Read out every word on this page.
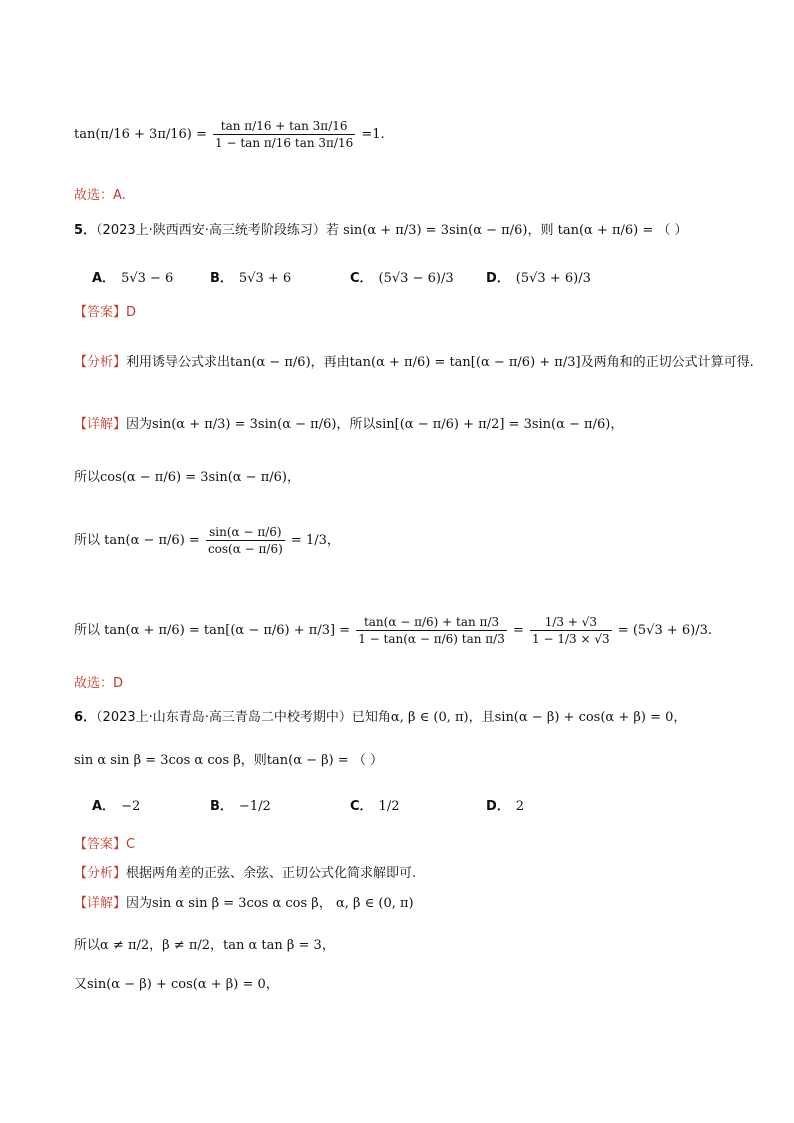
$\tan(\pi/16 + 3\pi/16) = \frac{\text{tan π/16 + tan 3π/16}}{\text{1 − tan π/16 tan 3π/16}} =1$.
故选：A.
5．（2023上·陕西西安·高三统考阶段练习）若 sin(α + π/3) = 3sin(α − π/6)，则 tan(α + π/6) = （ ）
A． 5√3 − 6	B． 5√3 + 6	C． (5√3 − 6)/3 D． (5√3 + 6)/3
【答案】D
【分析】利用诱导公式求出tan(α − π/6)，再由tan(α + π/6) = tan[(α − π/6) + π/3]及两角和的正切公式计算可得.
【详解】因为sin(α + π/3) = 3sin(α − π/6)，所以sin[(α − π/6) + π/2] = 3sin(α − π/6)，
所以cos(α − π/6) = 3sin(α − π/6)，
所以 $\tan(\alpha - \pi/6) = \frac{\sin(\alpha - \pi/6)}{\cos(\alpha - \pi/6)} = 1/3$，
所以 $\tan(\alpha + \pi/6) = \tan[(\alpha - \pi/6) + \pi/3] = \frac{\text{tan(α − π/6) + tan π/3}}{\text{1 − tan(α − π/6) tan π/3}} = \frac{1/3 + √3}{1 - 1/3 \times √3} = (5√3 + 6)/3$.
故选：D
6．（2023上·山东青岛·高三青岛二中校考期中）已知角α, β ∈ (0, π)，且sin(α − β) + cos(α + β) = 0，
sin α sin β = 3cos α cos β，则tan(α − β) = （ ）
A． −2	B． −1/2	C． 1/2	D． 2
【答案】C
【分析】根据两角差的正弦、余弦、正切公式化简求解即可.
【详解】因为sin α sin β = 3cos α cos β， α, β ∈ (0, π)
所以α ≠ π/2，β ≠ π/2，tan α tan β = 3，
又sin(α − β) + cos(α + β) = 0，
